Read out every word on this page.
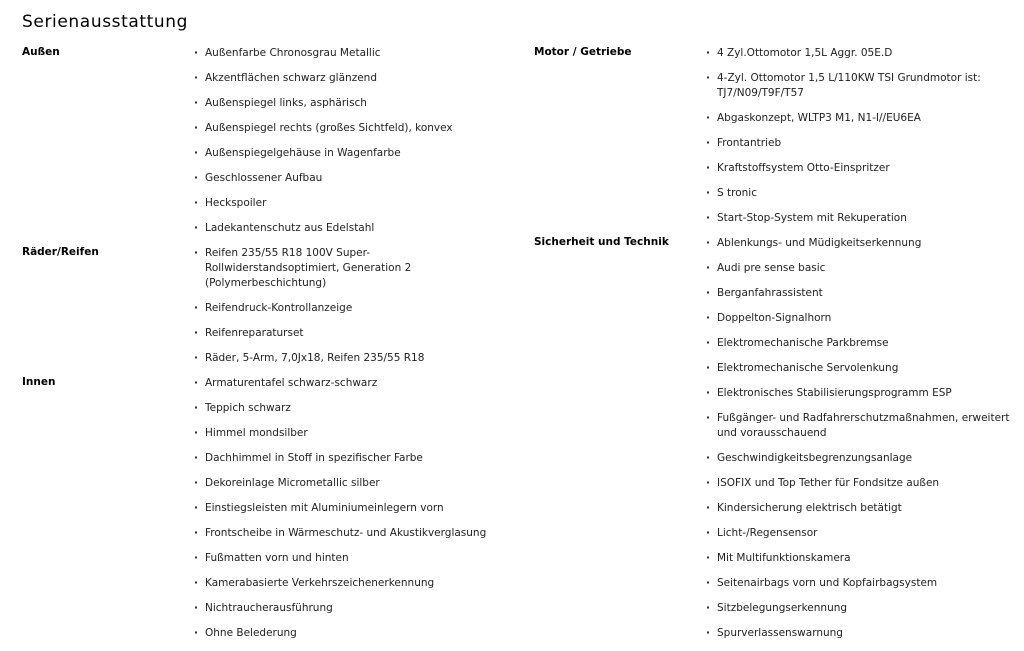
Serienausstattung
Außen	· Außenfarbe Chronosgrau Metallic
· Akzentflächen schwarz glänzend
· Außenspiegel links, asphärisch
· Außenspiegel rechts (großes Sichtfeld), konvex
· Außenspiegelgehäuse in Wagenfarbe
· Geschlossener Aufbau
· Heckspoiler
· Ladekantenschutz aus Edelstahl
Räder/Reifen	· Reifen 235/55 R18 100V Super- Rollwiderstandsoptimiert, Generation 2 (Polymerbeschichtung)
· Reifendruck-Kontrollanzeige
· Reifenreparaturset
· Räder, 5-Arm, 7,0Jx18, Reifen 235/55 R18
Innen	· Armaturentafel schwarz-schwarz
· Teppich schwarz
· Himmel mondsilber
· Dachhimmel in Stoff in spezifischer Farbe
· Dekoreinlage Micrometallic silber
· Einstiegsleisten mit Aluminiumeinlegern vorn
· Frontscheibe in Wärmeschutz- und Akustikverglasung
· Fußmatten vorn und hinten
· Kamerabasierte Verkehrszeichenerkennung
· Nichtraucherausführung
· Ohne Belederung
Motor / Getriebe	· 4 Zyl.Ottomotor 1,5L Aggr. 05E.D
· 4-Zyl. Ottomotor 1,5 L/110KW TSI Grundmotor ist: TJ7/N09/T9F/T57
· Abgaskonzept, WLTP3 M1, N1-I//EU6EA
· Frontantrieb
· Kraftstoffsystem Otto-Einspritzer
· S tronic
· Start-Stop-System mit Rekuperation
Sicherheit und Technik	· Ablenkungs- und Müdigkeitserkennung
· Audi pre sense basic
· Berganfahrassistent
· Doppelton-Signalhorn
· Elektromechanische Parkbremse
· Elektromechanische Servolenkung
· Elektronisches Stabilisierungsprogramm ESP
· Fußgänger- und Radfahrerschutzmaßnahmen, erweitert und vorausschauend
· Geschwindigkeitsbegrenzungsanlage
· ISOFIX und Top Tether für Fondsitze außen
· Kindersicherung elektrisch betätigt
· Licht-/Regensensor
· Mit Multifunktionskamera
· Seitenairbags vorn und Kopfairbagsystem
· Sitzbelegungserkennung
· Spurverlassenswarnung
